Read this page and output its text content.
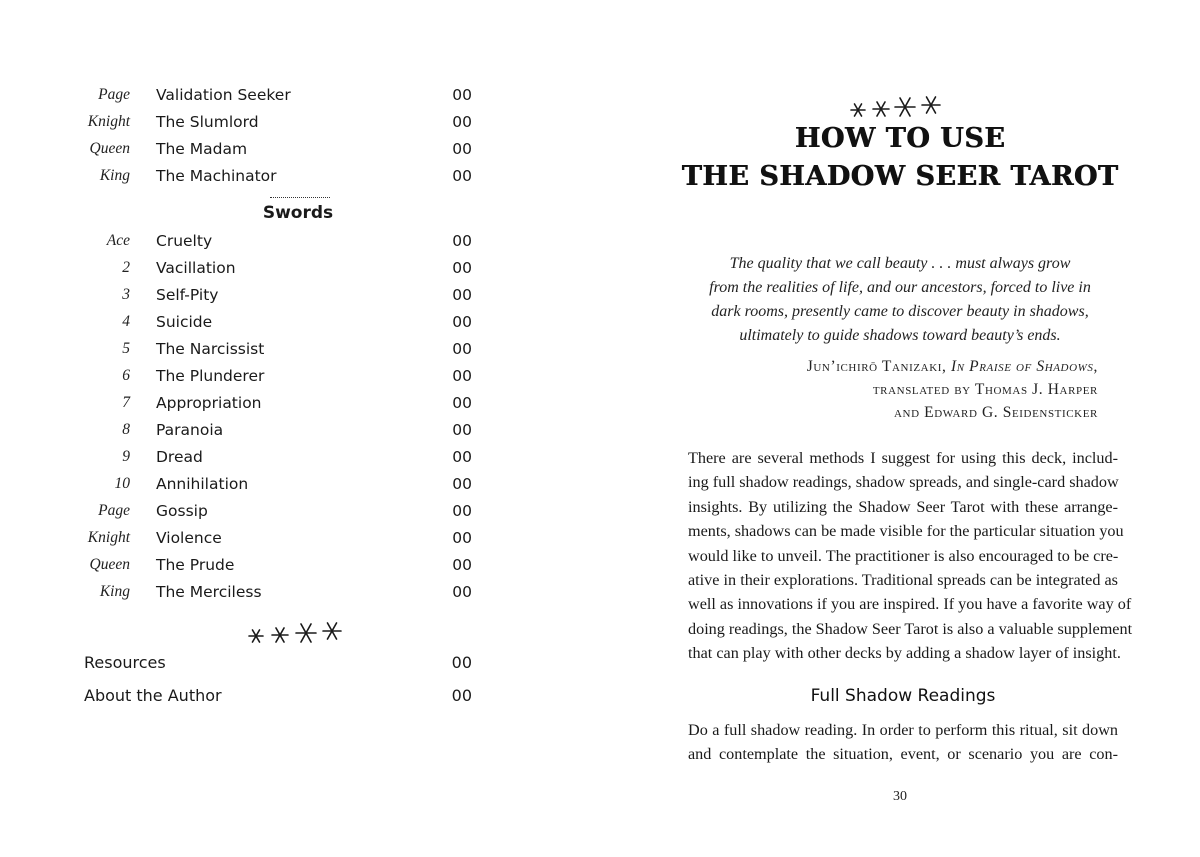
Page Validation Seeker	00
Knight The Slumlord	00
Queen The Madam	00
King The Machinator	00
Swords
Ace Cruelty	00
2 Vacillation	00
3 Self-Pity	00
4 Suicide	00
5 The Narcissist	00
6 The Plunderer	00
7 Appropriation	00
8 Paranoia	00
9 Dread	00
10 Annihilation	00
Page Gossip	00
Knight Violence	00
Queen The Prude	00
King The Merciless	00
Resources	00
About the Author	00
HOW TO USE
THE SHADOW SEER TAROT
The quality that we call beauty . . . must always grow
from the realities of life, and our ancestors, forced to live in
dark rooms, presently came to discover beauty in shadows,
ultimately to guide shadows toward beauty’s ends.
Jun’ichirō Tanizaki, In Praise of Shadows,
translated by Thomas J. Harper
and Edward G. Seidensticker
There are several methods I suggest for using this deck, includ-
ing full shadow readings, shadow spreads, and single-card shadow
insights. By utilizing the Shadow Seer Tarot with these arrange-
ments, shadows can be made visible for the particular situation you
would like to unveil. The practitioner is also encouraged to be cre-
ative in their explorations. Traditional spreads can be integrated as
well as innovations if you are inspired. If you have a favorite way of
doing readings, the Shadow Seer Tarot is also a valuable supplement
that can play with other decks by adding a shadow layer of insight.
Full Shadow Readings
Do a full shadow reading. In order to perform this ritual, sit down
and contemplate the situation, event, or scenario you are con-
30
